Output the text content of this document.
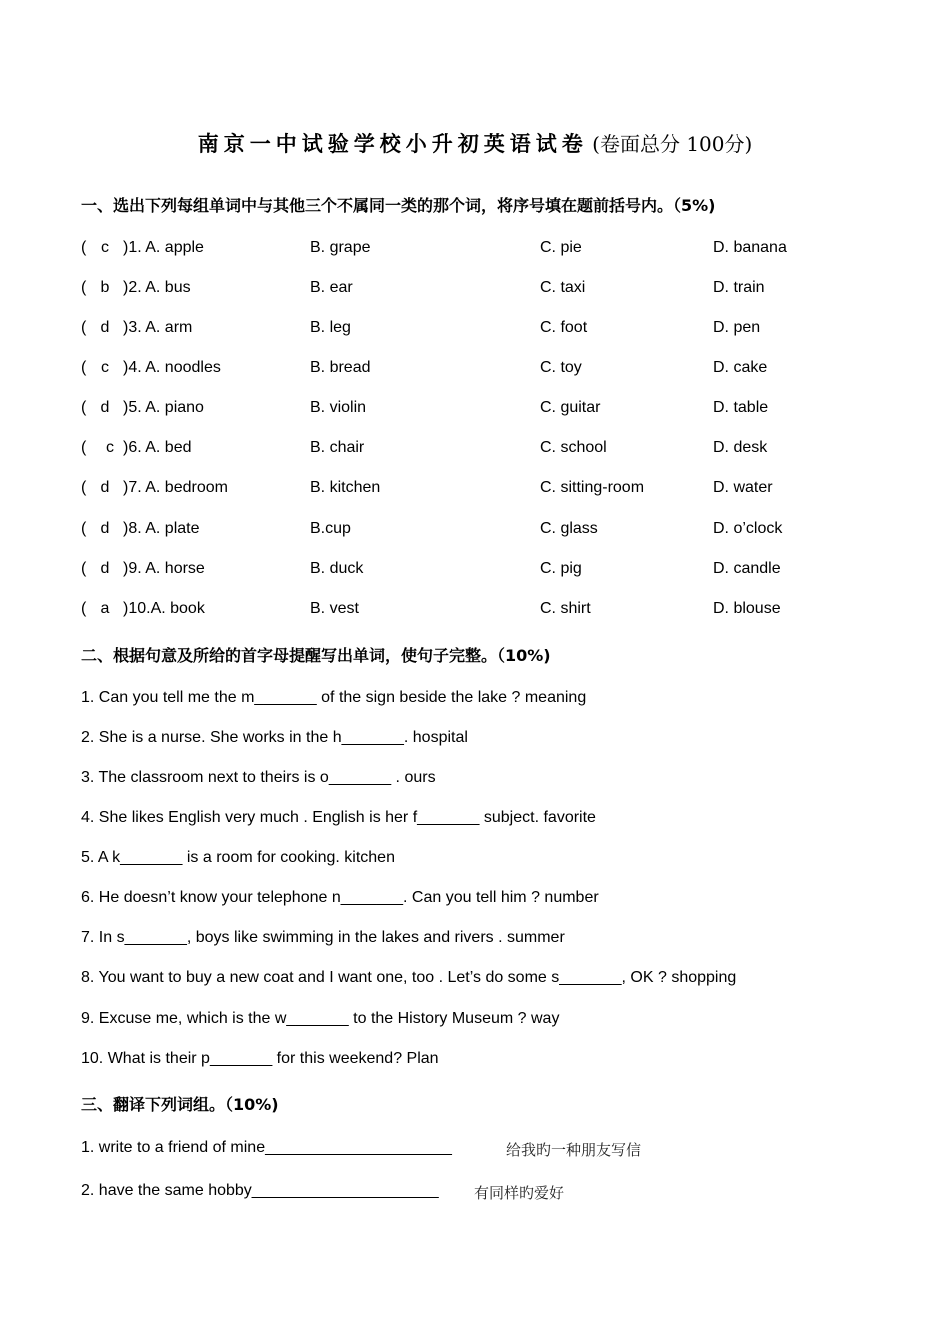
南京一中试验学校小升初英语试卷 (卷面总分 100分)
一、选出下列每组单词中与其他三个不属同一类的那个词，将序号填在题前括号内。（5%)
( c )1. A. apple	B. grape	C. pie	D. banana
( b )2. A. bus	B. ear	C. taxi	D. train
( d )3. A. arm	B. leg	C. foot	D. pen
( c )4. A. noodles	B. bread	C. toy	D. cake
( d )5. A. piano	B. violin	C. guitar	D. table
( c )6. A. bed	B. chair	C. school	D. desk
( d )7. A. bedroom	B. kitchen	C. sitting-room	D. water
( d )8. A. plate	B.cup	C. glass	D. o’clock
( d )9. A. horse	B. duck	C. pig	D. candle
( a )10.A. book	B. vest	C. shirt	D. blouse
二、根据句意及所给的首字母提醒写出单词，使句子完整。（10%)
1. Can you tell me the m_______ of the sign beside the lake ? meaning
2. She is a nurse. She works in the h_______. hospital
3. The classroom next to theirs is o_______ . ours
4. She likes English very much . English is her f_______ subject. favorite
5. A k_______ is a room for cooking. kitchen
6. He doesn’t know your telephone n_______. Can you tell him ? number
7. In s_______, boys like swimming in the lakes and rivers . summer
8. You want to buy a new coat and I want one, too . Let’s do some s_______, OK ? shopping
9. Excuse me, which is the w_______ to the History Museum ? way
10. What is their p_______ for this weekend? Plan
三、翻译下列词组。（10%)
1. write to a friend of mine_____________________	给我旳一种朋友写信
2. have the same hobby_____________________ 有同样旳爱好
